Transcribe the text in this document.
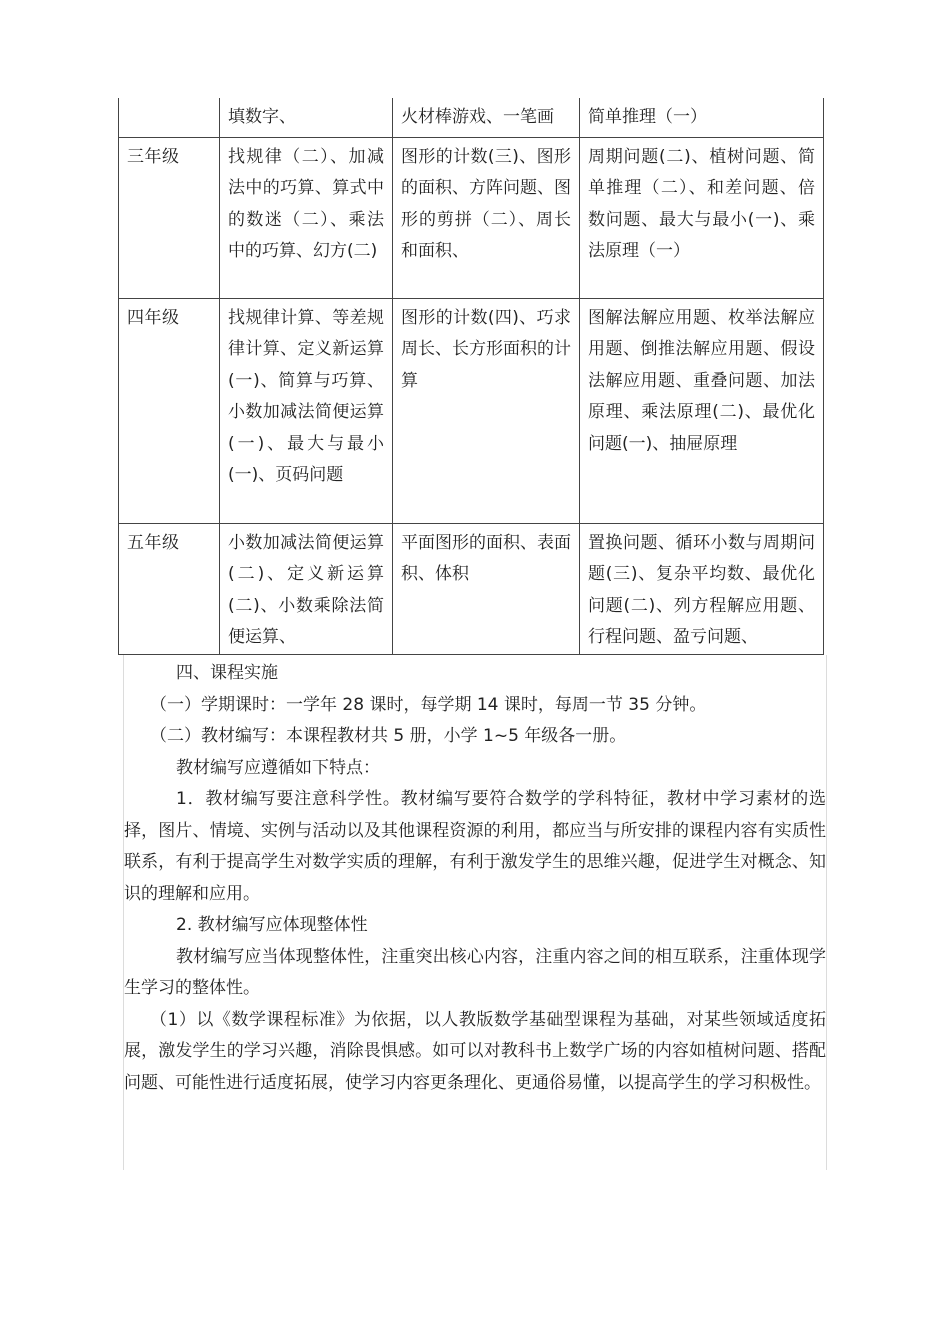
	填数字、	火材棒游戏、一笔画	简单推理（一）

三年级	找规律（二）、加减法中的巧算、算式中的数迷（二）、乘法中的巧算、幻方(二)	图形的计数(三)、图形的面积、方阵问题、图形的剪拼（二）、周长和面积、	周期问题(二)、植树问题、简单推理（二）、和差问题、倍数问题、最大与最小(一)、乘法原理（一）

四年级	找规律计算、等差规律计算、定义新运算(一)、简算与巧算、小数加减法简便运算(一)、最大与最小(一)、页码问题	图形的计数(四)、巧求周长、长方形面积的计算	图解法解应用题、枚举法解应用题、倒推法解应用题、假设法解应用题、重叠问题、加法原理、乘法原理(二)、最优化问题(一)、抽屉原理

五年级	小数加减法简便运算(二)、定义新运算(二)、小数乘除法简便运算、	平面图形的面积、表面积、体积	置换问题、循环小数与周期问题(三)、复杂平均数、最优化问题(二)、列方程解应用题、行程问题、盈亏问题、
四、课程实施
（一）学期课时：一学年 28 课时，每学期 14 课时，每周一节 35 分钟。
（二）教材编写：本课程教材共 5 册，小学 1~5 年级各一册。
教材编写应遵循如下特点：
1．教材编写要注意科学性。教材编写要符合数学的学科特征，教材中学习素材的选择，图片、情境、实例与活动以及其他课程资源的利用，都应当与所安排的课程内容有实质性联系，有利于提高学生对数学实质的理解，有利于激发学生的思维兴趣，促进学生对概念、知识的理解和应用。
2. 教材编写应体现整体性
教材编写应当体现整体性，注重突出核心内容，注重内容之间的相互联系，注重体现学生学习的整体性。
（1）以《数学课程标准》为依据，以人教版数学基础型课程为基础，对某些领域适度拓展，激发学生的学习兴趣，消除畏惧感。如可以对教科书上数学广场的内容如植树问题、搭配问题、可能性进行适度拓展，使学习内容更条理化、更通俗易懂，以提高学生的学习积极性。
